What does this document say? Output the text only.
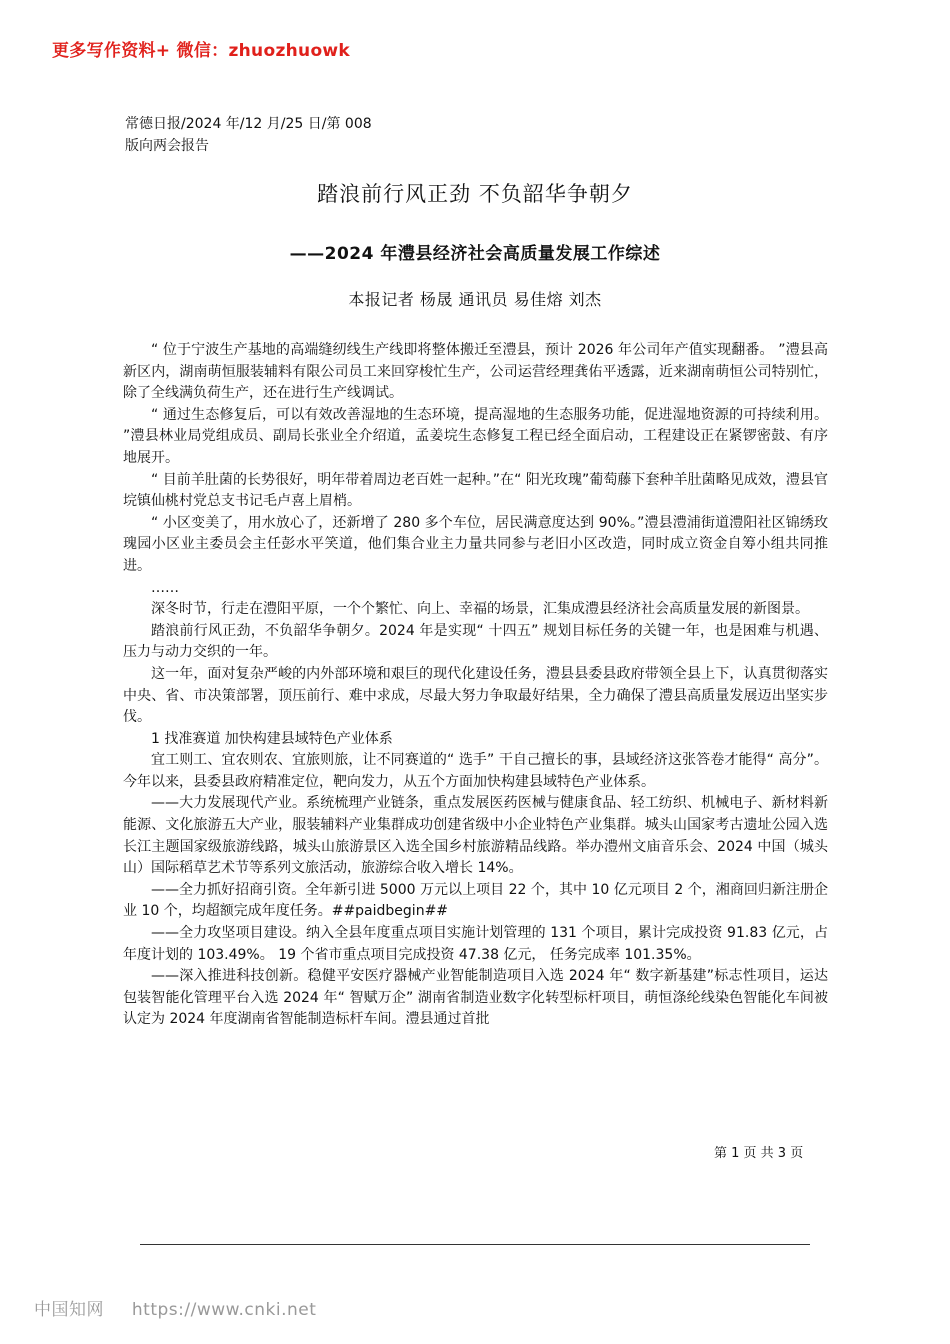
更多写作资料+ 微信：zhuozhuowk
常德日报/2024 年/12 月/25 日/第 008
版向两会报告
踏浪前行风正劲 不负韶华争朝夕
——2024 年澧县经济社会高质量发展工作综述
本报记者 杨晟 通讯员 易佳熔 刘杰

“ 位于宁波生产基地的高端缝纫线生产线即将整体搬迁至澧县，预计 2026 年公司年产值实现翻番。 ”澧县高新区内，湖南萌恒服装辅料有限公司员工来回穿梭忙生产，公司运营经理龚佑平透露，近来湖南萌恒公司特别忙，除了全线满负荷生产，还在进行生产线调试。

“ 通过生态修复后，可以有效改善湿地的生态环境，提高湿地的生态服务功能，促进湿地资源的可持续利用。 ”澧县林业局党组成员、副局长张业全介绍道，孟姜垸生态修复工程已经全面启动，工程建设正在紧锣密鼓、有序地展开。

“ 目前羊肚菌的长势很好，明年带着周边老百姓一起种。”在“ 阳光玫瑰”葡萄藤下套种羊肚菌略见成效，澧县官垸镇仙桃村党总支书记毛卢喜上眉梢。

“ 小区变美了，用水放心了，还新增了 280 多个车位，居民满意度达到 90%。”澧县澧浦街道澧阳社区锦绣玫瑰园小区业主委员会主任彭水平笑道，他们集合业主力量共同参与老旧小区改造，同时成立资金自筹小组共同推进。

……

深冬时节，行走在澧阳平原，一个个繁忙、向上、幸福的场景，汇集成澧县经济社会高质量发展的新图景。

踏浪前行风正劲，不负韶华争朝夕。2024 年是实现“ 十四五” 规划目标任务的关键一年，也是困难与机遇、压力与动力交织的一年。

这一年，面对复杂严峻的内外部环境和艰巨的现代化建设任务，澧县县委县政府带领全县上下，认真贯彻落实中央、省、市决策部署，顶压前行、难中求成，尽最大努力争取最好结果，全力确保了澧县高质量发展迈出坚实步伐。

1 找准赛道 加快构建县域特色产业体系

宜工则工、宜农则农、宜旅则旅，让不同赛道的“ 选手” 干自己擅长的事，县域经济这张答卷才能得“ 高分”。今年以来，县委县政府精准定位，靶向发力，从五个方面加快构建县域特色产业体系。

——大力发展现代产业。系统梳理产业链条，重点发展医药医械与健康食品、轻工纺织、机械电子、新材料新能源、文化旅游五大产业，服装辅料产业集群成功创建省级中小企业特色产业集群。城头山国家考古遗址公园入选长江主题国家级旅游线路，城头山旅游景区入选全国乡村旅游精品线路。举办澧州文庙音乐会、2024 中国（城头山）国际稻草艺术节等系列文旅活动，旅游综合收入增长 14%。

——全力抓好招商引资。全年新引进 5000 万元以上项目 22 个，其中 10 亿元项目 2 个，湘商回归新注册企业 10 个，均超额完成年度任务。##paidbegin##

——全力攻坚项目建设。纳入全县年度重点项目实施计划管理的 131 个项目，累计完成投资 91.83 亿元，占年度计划的 103.49%。 19 个省市重点项目完成投资 47.38 亿元， 任务完成率 101.35%。

——深入推进科技创新。稳健平安医疗器械产业智能制造项目入选 2024 年“ 数字新基建”标志性项目，运达包装智能化管理平台入选 2024 年“ 智赋万企” 湖南省制造业数字化转型标杆项目，萌恒涤纶线染色智能化车间被认定为 2024 年度湖南省智能制造标杆车间。澧县通过首批

第 1 页 共 3 页
中国知网 https://www.cnki.net
